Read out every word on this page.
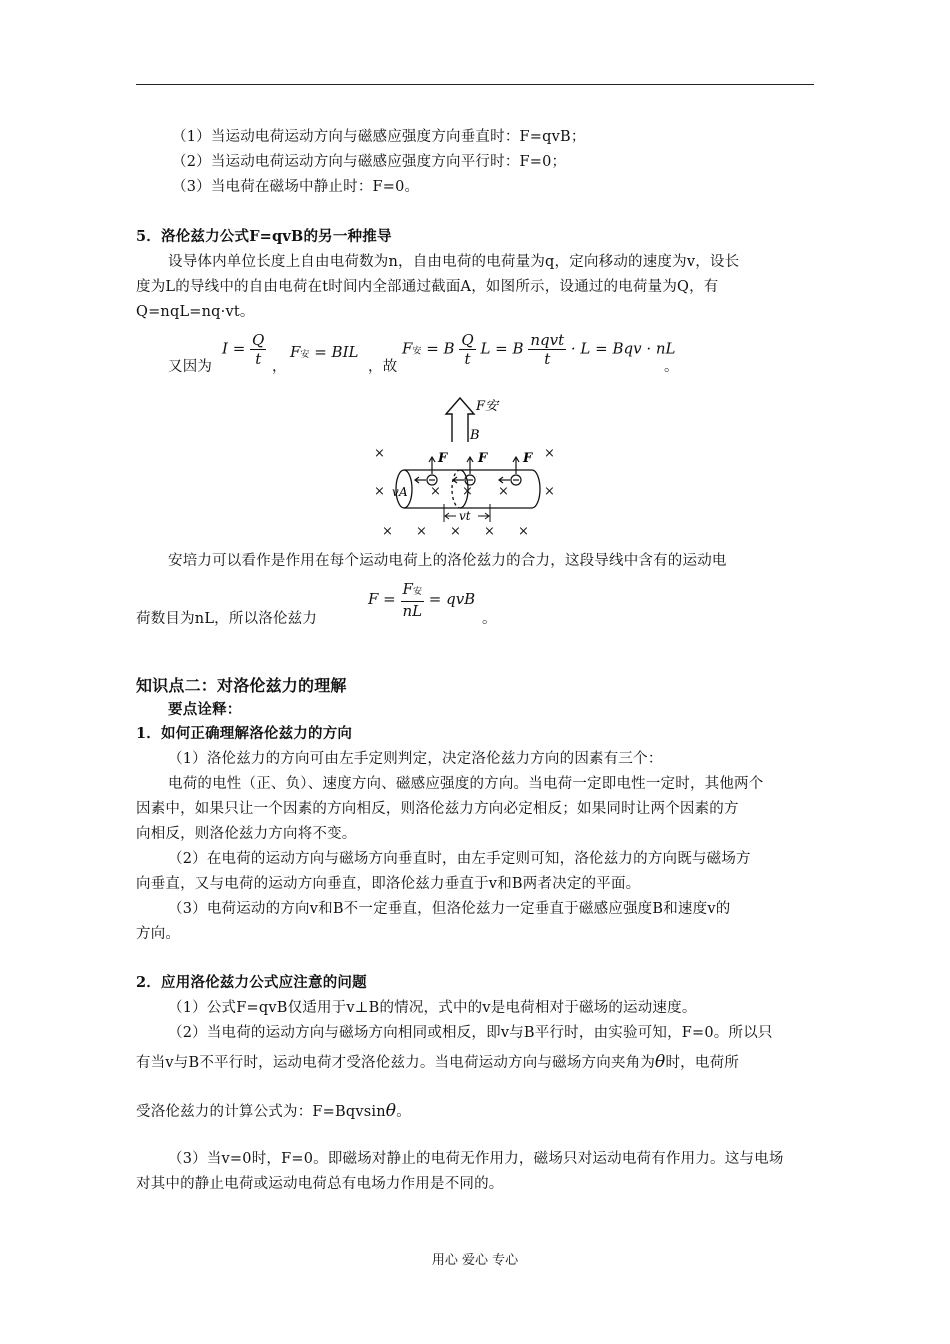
（1）当运动电荷运动方向与磁感应强度方向垂直时：F=qvB；
（2）当运动电荷运动方向与磁感应强度方向平行时：F=0；
（3）当电荷在磁场中静止时：F=0。
5．洛伦兹力公式F=qvB的另一种推导
设导体内单位长度上自由电荷数为n，自由电荷的电荷量为q，定向移动的速度为v，设长
度为L的导线中的自由电荷在t时间内全部通过截面A，如图所示，设通过的电荷量为Q，有
Q=nqL=nq·vt。
又因为
$I = \frac{Q}{t}$ ，
F安 = BIL
，故
F安 = B $\frac{Q}{t}$ L = B $\frac{\text{nqvt}}{t} \cdot L$ = Bqv · nL
。
F安
B
×	×
×	×
× × × × ×
× × ×
F F	F
v A
vt
安培力可以看作是作用在每个运动电荷上的洛伦兹力的合力，这段导线中含有的运动电
荷数目为nL，所以洛伦兹力
$F = \frac{\text{F安}}{nL}$ = qvB
。
知识点二：对洛伦兹力的理解
要点诠释：
1．如何正确理解洛伦兹力的方向
（1）洛伦兹力的方向可由左手定则判定，决定洛伦兹力方向的因素有三个：
电荷的电性（正、负）、速度方向、磁感应强度的方向。当电荷一定即电性一定时，其他两个
因素中，如果只让一个因素的方向相反，则洛伦兹力方向必定相反；如果同时让两个因素的方
向相反，则洛伦兹力方向将不变。
（2）在电荷的运动方向与磁场方向垂直时，由左手定则可知，洛伦兹力的方向既与磁场方
向垂直，又与电荷的运动方向垂直，即洛伦兹力垂直于v和B两者决定的平面。
（3）电荷运动的方向v和B不一定垂直，但洛伦兹力一定垂直于磁感应强度B和速度v的
方向。
2．应用洛伦兹力公式应注意的问题
（1）公式F=qvB仅适用于v⊥B的情况，式中的v是电荷相对于磁场的运动速度。
（2）当电荷的运动方向与磁场方向相同或相反，即v与B平行时，由实验可知，F=0。所以只
有当v与B不平行时，运动电荷才受洛伦兹力。当电荷运动方向与磁场方向夹角为θ时，电荷所
受洛伦兹力的计算公式为：F=Bqvsinθ。
（3）当v=0时，F=0。即磁场对静止的电荷无作用力，磁场只对运动电荷有作用力。这与电场
对其中的静止电荷或运动电荷总有电场力作用是不同的。
用心 爱心 专心
